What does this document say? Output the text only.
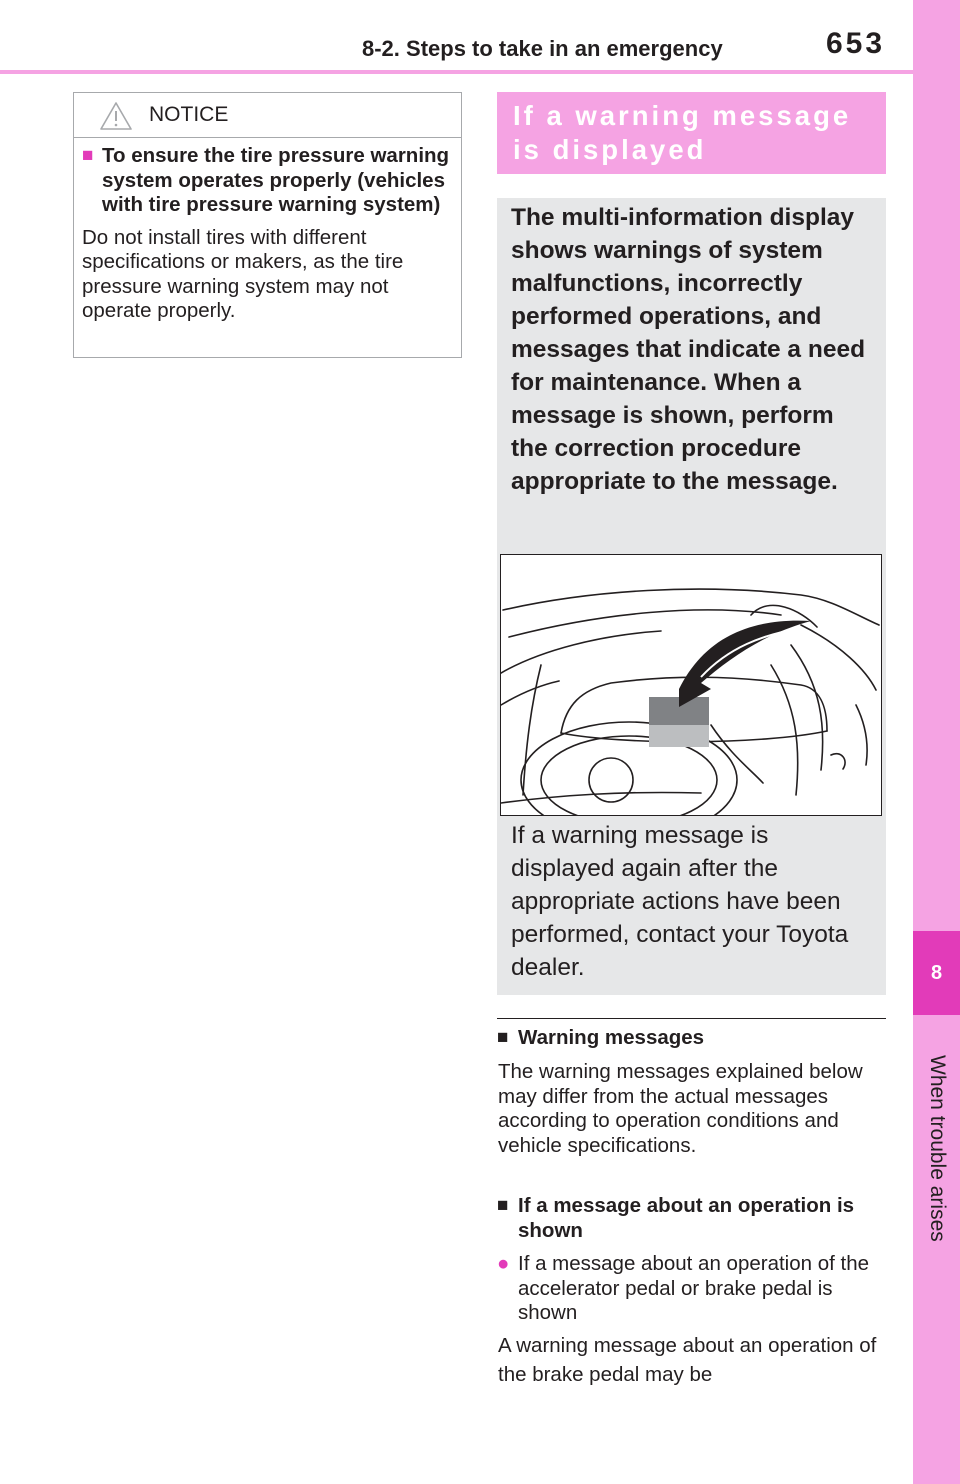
8-2. Steps to take in an emergency	653
8
When trouble arises
NOTICE
■ To ensure the tire pressure warning system operates properly (vehicles with tire pressure warning system)
Do not install tires with different specifications or makers, as the tire pressure warning system may not operate properly.
If a warning message is displayed
The multi-information display shows warnings of system malfunctions, incorrectly performed operations, and messages that indicate a need for maintenance. When a message is shown, perform the correction procedure appropriate to the message.
If a warning message is displayed again after the appropriate actions have been performed, contact your Toyota dealer.
■ Warning messages
The warning messages explained below may differ from the actual messages according to operation conditions and vehicle specifications.
■ If a message about an operation is shown
● If a message about an operation of the accelerator pedal or brake pedal is shown
A warning message about an operation of the brake pedal may be
